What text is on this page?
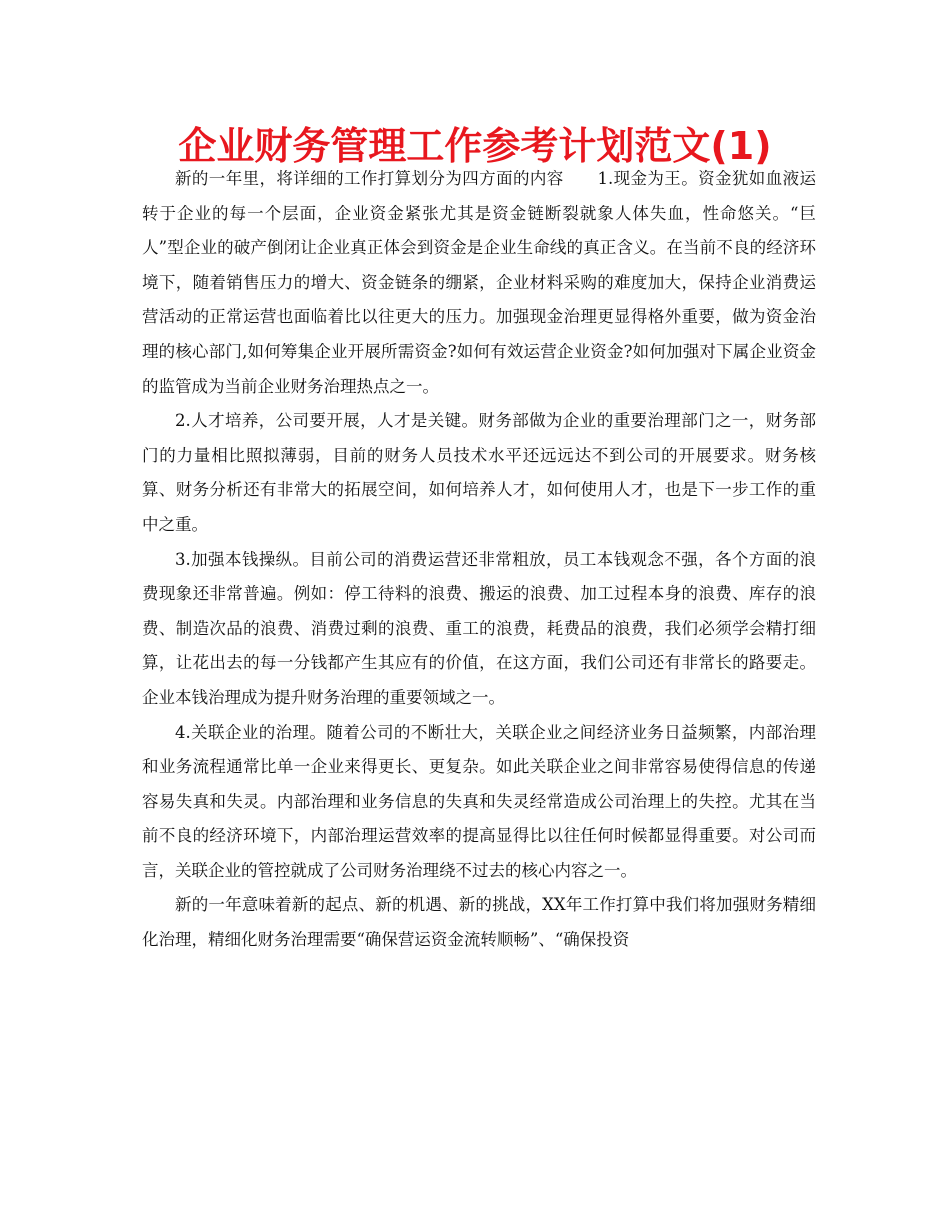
企业财务管理工作参考计划范文(1)

新的一年里，将详细的工作打算划分为四方面的内容　　1.现金为王。资金犹如血液运转于企业的每一个层面，企业资金紧张尤其是资金链断裂就象人体失血，性命悠关。“巨人”型企业的破产倒闭让企业真正体会到资金是企业生命线的真正含义。在当前不良的经济环境下，随着销售压力的增大、资金链条的绷紧，企业材料采购的难度加大，保持企业消费运营活动的正常运营也面临着比以往更大的压力。加强现金治理更显得格外重要，做为资金治理的核心部门,如何筹集企业开展所需资金?如何有效运营企业资金?如何加强对下属企业资金的监管成为当前企业财务治理热点之一。

2.人才培养，公司要开展，人才是关键。财务部做为企业的重要治理部门之一，财务部门的力量相比照拟薄弱，目前的财务人员技术水平还远远达不到公司的开展要求。财务核算、财务分析还有非常大的拓展空间，如何培养人才，如何使用人才，也是下一步工作的重中之重。

3.加强本钱操纵。目前公司的消费运营还非常粗放，员工本钱观念不强，各个方面的浪费现象还非常普遍。例如：停工待料的浪费、搬运的浪费、加工过程本身的浪费、库存的浪费、制造次品的浪费、消费过剩的浪费、重工的浪费，耗费品的浪费，我们必须学会精打细算，让花出去的每一分钱都产生其应有的价值，在这方面，我们公司还有非常长的路要走。企业本钱治理成为提升财务治理的重要领域之一。

4.关联企业的治理。随着公司的不断壮大，关联企业之间经济业务日益频繁，内部治理和业务流程通常比单一企业来得更长、更复杂。如此关联企业之间非常容易使得信息的传递容易失真和失灵。内部治理和业务信息的失真和失灵经常造成公司治理上的失控。尤其在当前不良的经济环境下，内部治理运营效率的提高显得比以往任何时候都显得重要。对公司而言，关联企业的管控就成了公司财务治理绕不过去的核心内容之一。

新的一年意味着新的起点、新的机遇、新的挑战，XX年工作打算中我们将加强财务精细化治理，精细化财务治理需要“确保营运资金流转顺畅”、“确保投资
